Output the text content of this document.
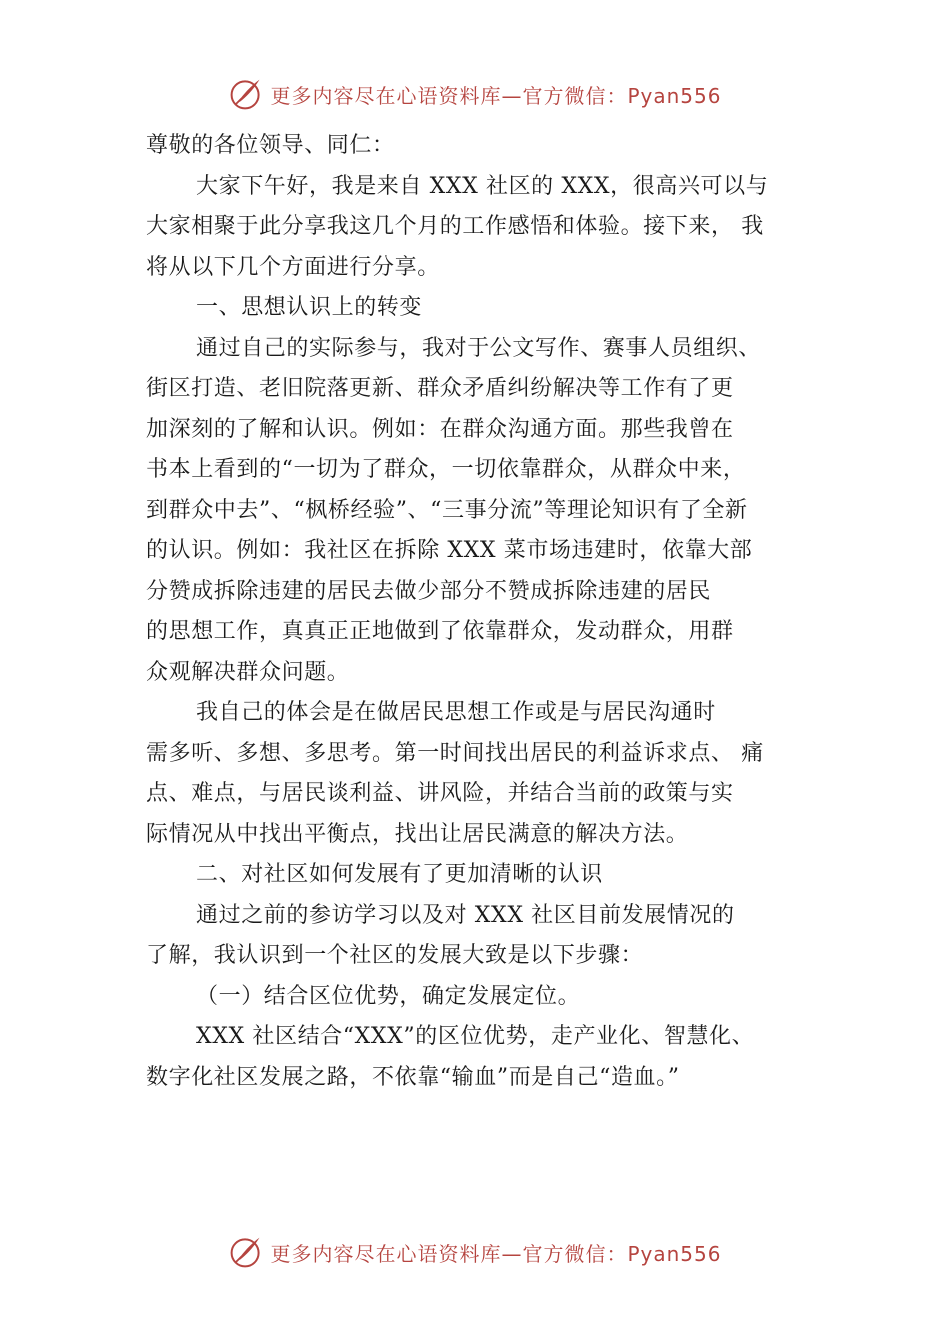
更多内容尽在心语资料库—官方微信：Pyan556
尊敬的各位领导、同仁：
大家下午好，我是来自 XXX 社区的 XXX，很高兴可以与
大家相聚于此分享我这几个月的工作感悟和体验。接下来， 我
将从以下几个方面进行分享。
一、思想认识上的转变
通过自己的实际参与，我对于公文写作、赛事人员组织、
街区打造、老旧院落更新、群众矛盾纠纷解决等工作有了更
加深刻的了解和认识。例如：在群众沟通方面。那些我曾在
书本上看到的“一切为了群众，一切依靠群众，从群众中来，
到群众中去”、“枫桥经验”、“三事分流”等理论知识有了全新
的认识。例如：我社区在拆除 XXX 菜市场违建时，依靠大部
分赞成拆除违建的居民去做少部分不赞成拆除违建的居民
的思想工作，真真正正地做到了依靠群众，发动群众，用群
众观解决群众问题。
我自己的体会是在做居民思想工作或是与居民沟通时
需多听、多想、多思考。第一时间找出居民的利益诉求点、 痛
点、难点，与居民谈利益、讲风险，并结合当前的政策与实
际情况从中找出平衡点，找出让居民满意的解决方法。
二、对社区如何发展有了更加清晰的认识
通过之前的参访学习以及对 XXX 社区目前发展情况的
了解，我认识到一个社区的发展大致是以下步骤：
（一）结合区位优势，确定发展定位。
XXX 社区结合“XXX”的区位优势，走产业化、智慧化、
数字化社区发展之路，不依靠“输血”而是自己“造血。”
更多内容尽在心语资料库—官方微信：Pyan556
